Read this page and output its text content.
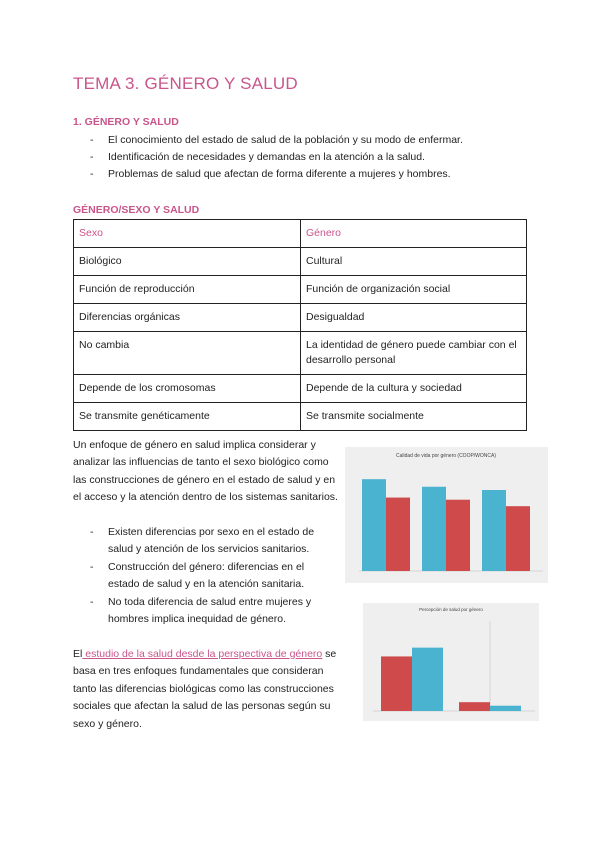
TEMA 3. GÉNERO Y SALUD
1. GÉNERO Y SALUD
- El conocimiento del estado de salud de la población y su modo de enfermar.
- Identificación de necesidades y demandas en la atención a la salud.
- Problemas de salud que afectan de forma diferente a mujeres y hombres.
GÉNERO/SEXO Y SALUD
Sexo	Género
Biológico	Cultural
Función de reproducción	Función de organización social
Diferencias orgánicas	Desigualdad
No cambia	La identidad de género puede cambiar con el desarrollo personal
Depende de los cromosomas	Depende de la cultura y sociedad
Se transmite genéticamente	Se transmite socialmente
Un enfoque de género en salud implica considerar y analizar las influencias de tanto el sexo biológico como las construcciones de género en el estado de salud y en el acceso y la atención dentro de los sistemas sanitarios.
- Existen diferencias por sexo en el estado de salud y atención de los servicios sanitarios.
- Construcción del género: diferencias en el estado de salud y en la atención sanitaria.
- No toda diferencia de salud entre mujeres y hombres implica inequidad de género.
El estudio de la salud desde la perspectiva de género se basa en tres enfoques fundamentales que consideran tanto las diferencias biológicas como las construcciones sociales que afectan la salud de las personas según su sexo y género.
Calidad de vida por género (COOP/WONCA)
Percepción de salud por género
